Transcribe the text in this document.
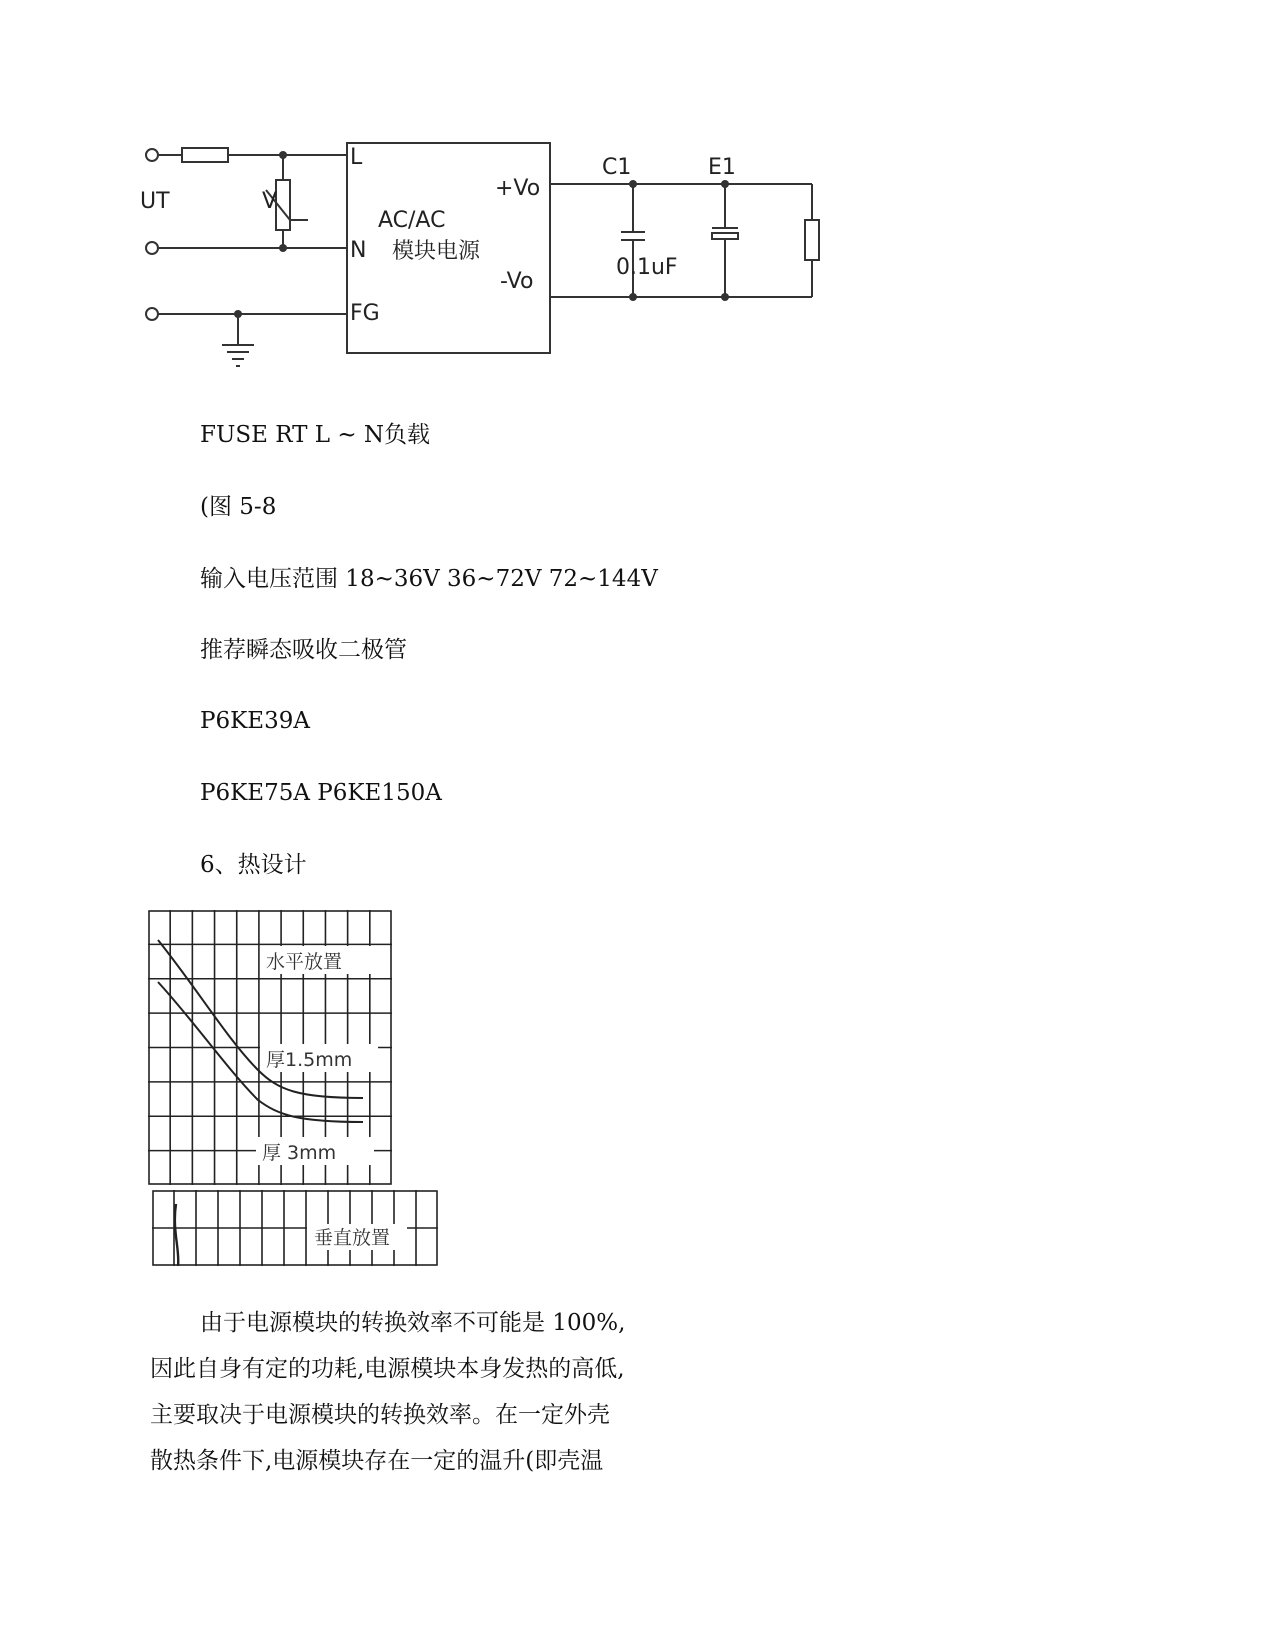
UT	V
L
N
FG
AC/AC
模块电源
+Vo
-Vo
C1	E1
0.1uF
FUSE RT L ~ N负载
(图 5-8
输入电压范围 18~36V 36~72V 72~144V
推荐瞬态吸收二极管
P6KE39A
P6KE75A P6KE150A
6、热设计
水平放置
厚1.5mm
厚 3mm
垂直放置
由于电源模块的转换效率不可能是 100%,
因此自身有定的功耗,电源模块本身发热的高低,
主要取决于电源模块的转换效率。在一定外壳
散热条件下,电源模块存在一定的温升(即壳温
